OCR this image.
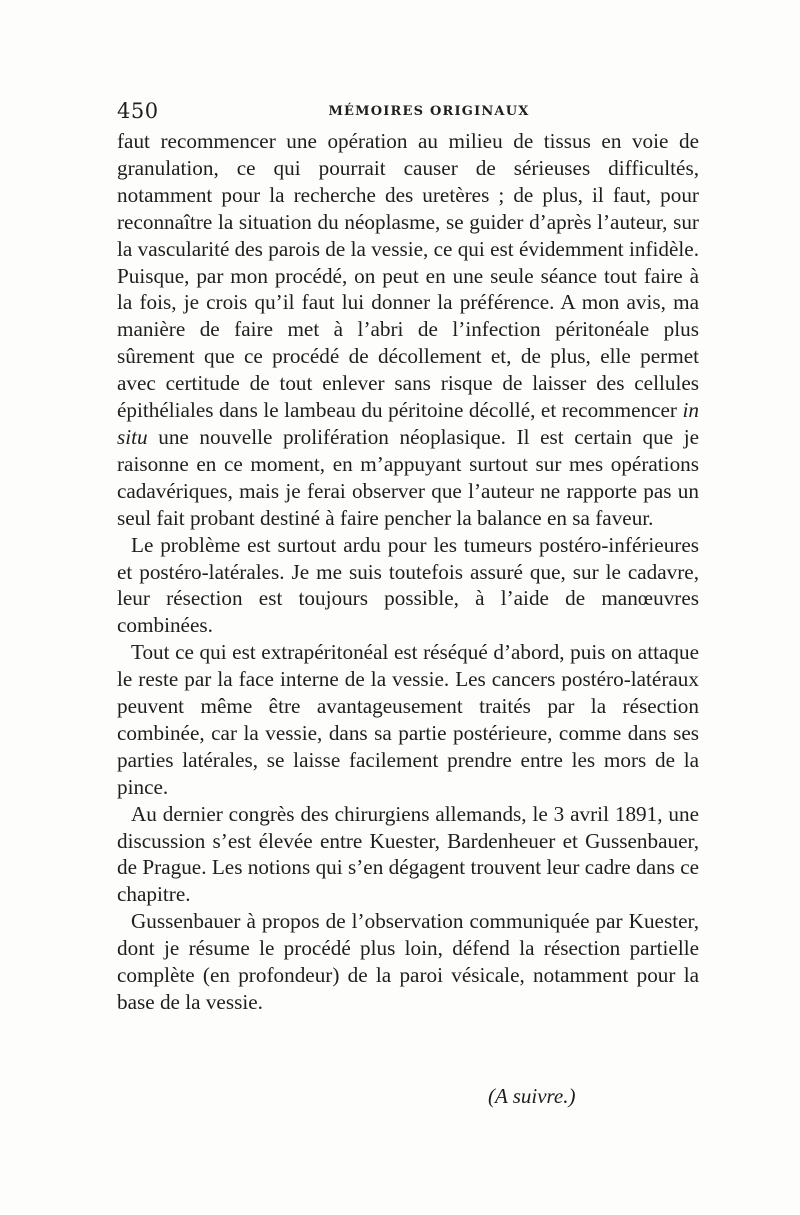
450	MÉMOIRES ORIGINAUX

faut recommencer une opération au milieu de tissus en voie de granulation, ce qui pourrait causer de sérieuses difficultés, notamment pour la recherche des uretères ; de plus, il faut, pour reconnaître la situation du néoplasme, se guider d’après l’auteur, sur la vascularité des parois de la vessie, ce qui est évidemment infidèle. Puisque, par mon procédé, on peut en une seule séance tout faire à la fois, je crois qu’il faut lui donner la préférence. A mon avis, ma manière de faire met à l’abri de l’infection péritonéale plus sûrement que ce procédé de décollement et, de plus, elle permet avec certitude de tout enlever sans risque de laisser des cellules épithéliales dans le lambeau du péritoine décollé, et recommencer in situ une nouvelle prolifération néoplasique. Il est certain que je raisonne en ce moment, en m’appuyant surtout sur mes opérations cadavériques, mais je ferai observer que l’auteur ne rapporte pas un seul fait probant destiné à faire pencher la balance en sa faveur.

Le problème est surtout ardu pour les tumeurs postéro-inférieures et postéro-latérales. Je me suis toutefois assuré que, sur le cadavre, leur résection est toujours possible, à l’aide de manœuvres combinées.

Tout ce qui est extrapéritonéal est réséqué d’abord, puis on attaque le reste par la face interne de la vessie. Les cancers postéro-latéraux peuvent même être avantageusement traités par la résection combinée, car la vessie, dans sa partie postérieure, comme dans ses parties latérales, se laisse facilement prendre entre les mors de la pince.

Au dernier congrès des chirurgiens allemands, le 3 avril 1891, une discussion s’est élevée entre Kuester, Bardenheuer et Gussenbauer, de Prague. Les notions qui s’en dégagent trouvent leur cadre dans ce chapitre.

Gussenbauer à propos de l’observation communiquée par Kuester, dont je résume le procédé plus loin, défend la résection partielle complète (en profondeur) de la paroi vésicale, notamment pour la base de la vessie.

(A suivre.)
